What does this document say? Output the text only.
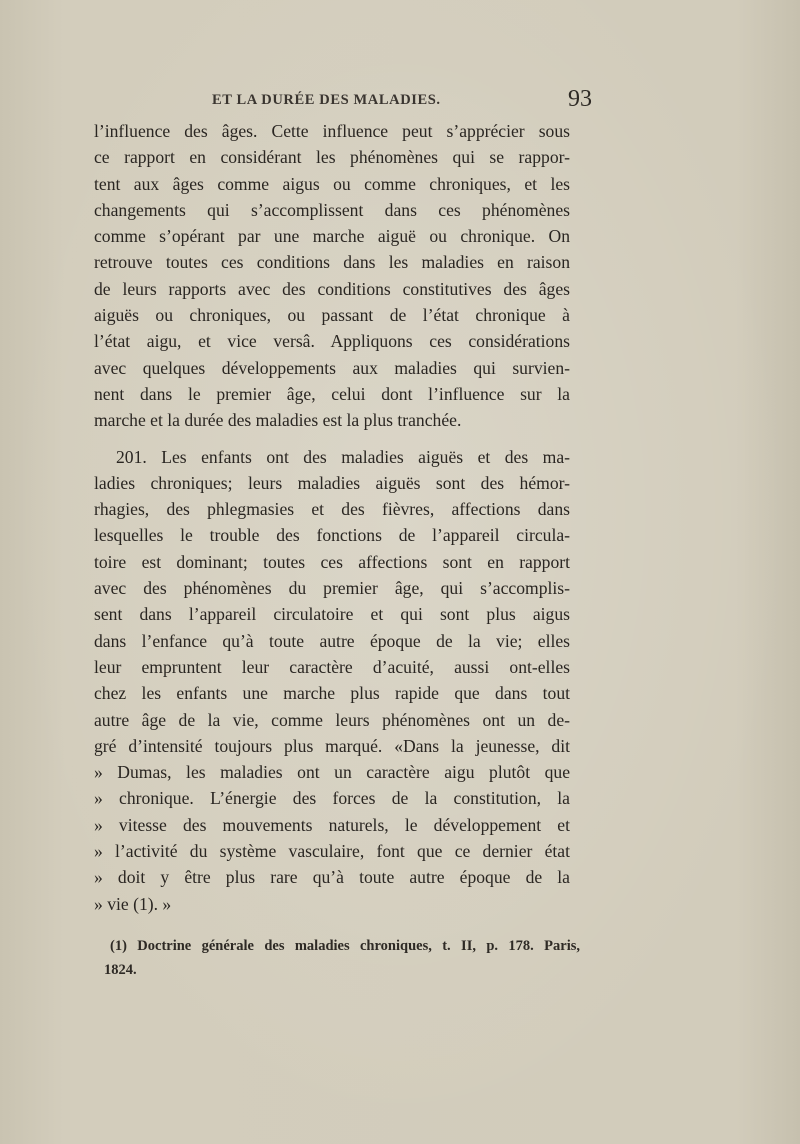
ET LA DURÉE DES MALADIES.	93
l’influence des âges. Cette influence peut s’apprécier sous
ce rapport en considérant les phénomènes qui se rappor-
tent aux âges comme aigus ou comme chroniques, et les
changements qui s’accomplissent dans ces phénomènes
comme s’opérant par une marche aiguë ou chronique. On
retrouve toutes ces conditions dans les maladies en raison
de leurs rapports avec des conditions constitutives des âges
aiguës ou chroniques, ou passant de l’état chronique à
l’état aigu, et vice versâ. Appliquons ces considérations
avec quelques développements aux maladies qui survien-
nent dans le premier âge, celui dont l’influence sur la
marche et la durée des maladies est la plus tranchée.
201. Les enfants ont des maladies aiguës et des ma-
ladies chroniques; leurs maladies aiguës sont des hémor-
rhagies, des phlegmasies et des fièvres, affections dans
lesquelles le trouble des fonctions de l’appareil circula-
toire est dominant; toutes ces affections sont en rapport
avec des phénomènes du premier âge, qui s’accomplis-
sent dans l’appareil circulatoire et qui sont plus aigus
dans l’enfance qu’à toute autre époque de la vie; elles
leur empruntent leur caractère d’acuité, aussi ont-elles
chez les enfants une marche plus rapide que dans tout
autre âge de la vie, comme leurs phénomènes ont un de-
gré d’intensité toujours plus marqué. «Dans la jeunesse, dit
» Dumas, les maladies ont un caractère aigu plutôt que
» chronique. L’énergie des forces de la constitution, la
» vitesse des mouvements naturels, le développement et
» l’activité du système vasculaire, font que ce dernier état
» doit y être plus rare qu’à toute autre époque de la
» vie (1). »
(1) Doctrine générale des maladies chroniques, t. II, p. 178. Paris,
1824.
